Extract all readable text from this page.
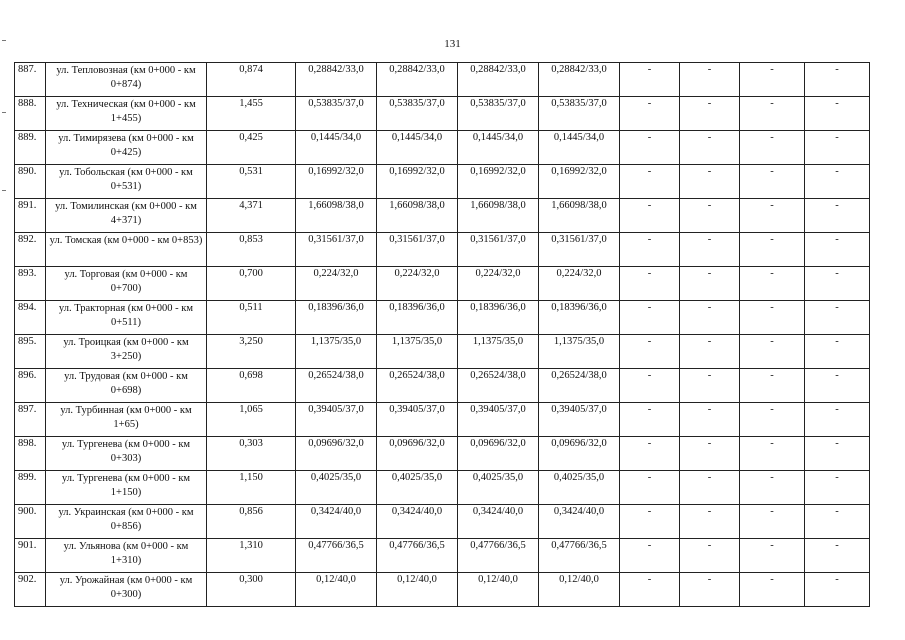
131
887.	ул. Тепловозная (км 0+000 - км 0+874)	0,874	0,28842/33,0	0,28842/33,0	0,28842/33,0	0,28842/33,0	-	-	-	-
888.	ул. Техническая (км 0+000 - км 1+455)	1,455	0,53835/37,0	0,53835/37,0	0,53835/37,0	0,53835/37,0	-	-	-	-
889.	ул. Тимирязева (км 0+000 - км 0+425)	0,425	0,1445/34,0	0,1445/34,0	0,1445/34,0	0,1445/34,0	-	-	-	-
890.	ул. Тобольская (км 0+000 - км 0+531)	0,531	0,16992/32,0	0,16992/32,0	0,16992/32,0	0,16992/32,0	-	-	-	-
891.	ул. Томилинская (км 0+000 - км 4+371)	4,371	1,66098/38,0	1,66098/38,0	1,66098/38,0	1,66098/38,0	-	-	-	-
892.	ул. Томская (км 0+000 - км 0+853)	0,853	0,31561/37,0	0,31561/37,0	0,31561/37,0	0,31561/37,0	-	-	-	-
893.	ул. Торговая (км 0+000 - км 0+700)	0,700	0,224/32,0	0,224/32,0	0,224/32,0	0,224/32,0	-	-	-	-
894.	ул. Тракторная (км 0+000 - км 0+511)	0,511	0,18396/36,0	0,18396/36,0	0,18396/36,0	0,18396/36,0	-	-	-	-
895.	ул. Троицкая (км 0+000 - км 3+250)	3,250	1,1375/35,0	1,1375/35,0	1,1375/35,0	1,1375/35,0	-	-	-	-
896.	ул. Трудовая (км 0+000 - км 0+698)	0,698	0,26524/38,0	0,26524/38,0	0,26524/38,0	0,26524/38,0	-	-	-	-
897.	ул. Турбинная (км 0+000 - км 1+65)	1,065	0,39405/37,0	0,39405/37,0	0,39405/37,0	0,39405/37,0	-	-	-	-
898.	ул. Тургенева (км 0+000 - км 0+303)	0,303	0,09696/32,0	0,09696/32,0	0,09696/32,0	0,09696/32,0	-	-	-	-
899.	ул. Тургенева (км 0+000 - км 1+150)	1,150	0,4025/35,0	0,4025/35,0	0,4025/35,0	0,4025/35,0	-	-	-	-
900.	ул. Украинская (км 0+000 - км 0+856)	0,856	0,3424/40,0	0,3424/40,0	0,3424/40,0	0,3424/40,0	-	-	-	-
901.	ул. Ульянова (км 0+000 - км 1+310)	1,310	0,47766/36,5	0,47766/36,5	0,47766/36,5	0,47766/36,5	-	-	-	-
902.	ул. Урожайная (км 0+000 - км 0+300)	0,300	0,12/40,0	0,12/40,0	0,12/40,0	0,12/40,0	-	-	-	-
